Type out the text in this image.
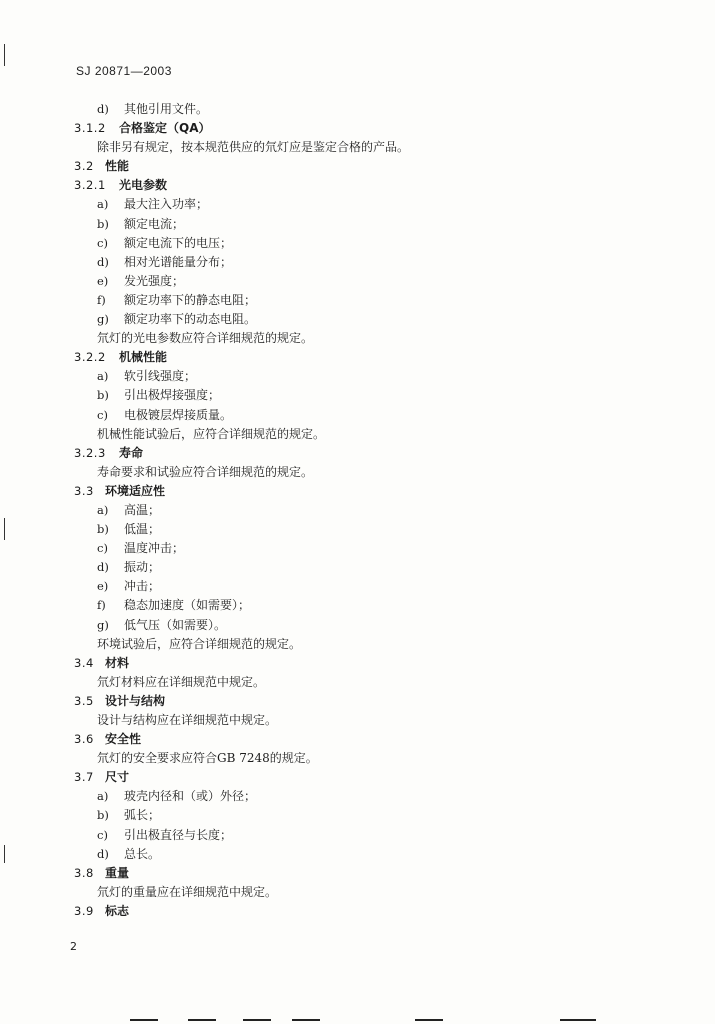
SJ 20871—2003
d) 其他引用文件。
3.1.2 合格鉴定（QA）
除非另有规定，按本规范供应的氘灯应是鉴定合格的产品。
3.2 性能
3.2.1 光电参数
a) 最大注入功率；
b) 额定电流；
c) 额定电流下的电压；
d) 相对光谱能量分布；
e) 发光强度；
f) 额定功率下的静态电阻；
g) 额定功率下的动态电阻。
氘灯的光电参数应符合详细规范的规定。
3.2.2 机械性能
a) 软引线强度；
b) 引出极焊接强度；
c) 电极镀层焊接质量。
机械性能试验后，应符合详细规范的规定。
3.2.3 寿命
寿命要求和试验应符合详细规范的规定。
3.3 环境适应性
a) 高温；
b) 低温；
c) 温度冲击；
d) 振动；
e) 冲击；
f) 稳态加速度（如需要）；
g) 低气压（如需要）。
环境试验后，应符合详细规范的规定。
3.4 材料
氘灯材料应在详细规范中规定。
3.5 设计与结构
设计与结构应在详细规范中规定。
3.6 安全性
氘灯的安全要求应符合GB 7248的规定。
3.7 尺寸
a) 玻壳内径和（或）外径；
b) 弧长；
c) 引出极直径与长度；
d) 总长。
3.8 重量
氘灯的重量应在详细规范中规定。
3.9 标志
2
